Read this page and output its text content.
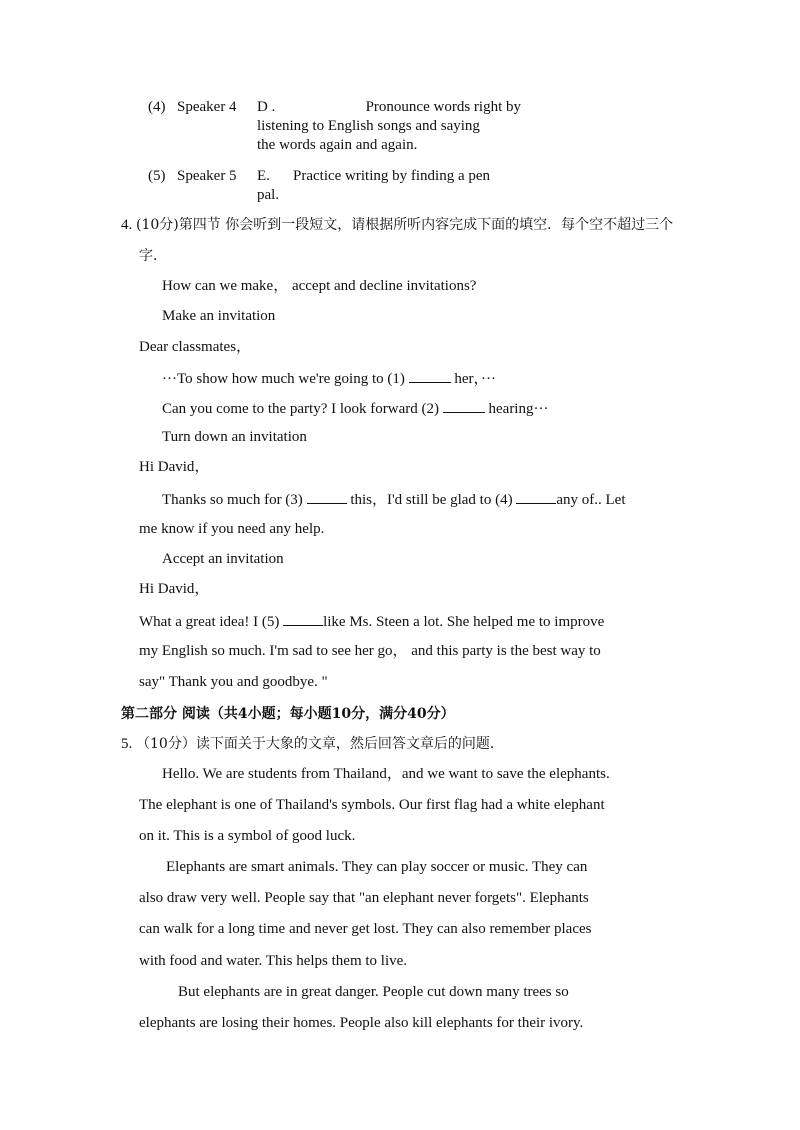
(4) Speaker 4 D .	Pronounce words right by
listening to English songs and saying
the words again and again.
(5) Speaker 5 E. Practice writing by finding a pen
pal.
4. (10分)第四节 你会听到一段短文，请根据所听内容完成下面的填空．每个空不超过三个
字．
How can we make， accept and decline invitations?
Make an invitation
Dear classmates，
···To show how much we're going to (1)	her，···
Can you come to the party? I look forward (2)	hearing···
Turn down an invitation
Hi David，
Thanks so much for (3)	this，I'd still be glad to (4)	any of.. Let
me know if you need any help.
Accept an invitation
Hi David，
What a great idea! I (5)	like Ms. Steen a lot. She helped me to improve
my English so much. I'm sad to see her go， and this party is the best way to
say" Thank you and goodbye. "
第二部分 阅读（共4小题；每小题10分，满分40分）
5. （10分）读下面关于大象的文章，然后回答文章后的问题．
Hello. We are students from Thailand，and we want to save the elephants.
The elephant is one of Thailand's symbols. Our first flag had a white elephant
on it. This is a symbol of good luck.
Elephants are smart animals. They can play soccer or music. They can
also draw very well. People say that "an elephant never forgets". Elephants
can walk for a long time and never get lost. They can also remember places
with food and water. This helps them to live.
But elephants are in great danger. People cut down many trees so
elephants are losing their homes. People also kill elephants for their ivory.
